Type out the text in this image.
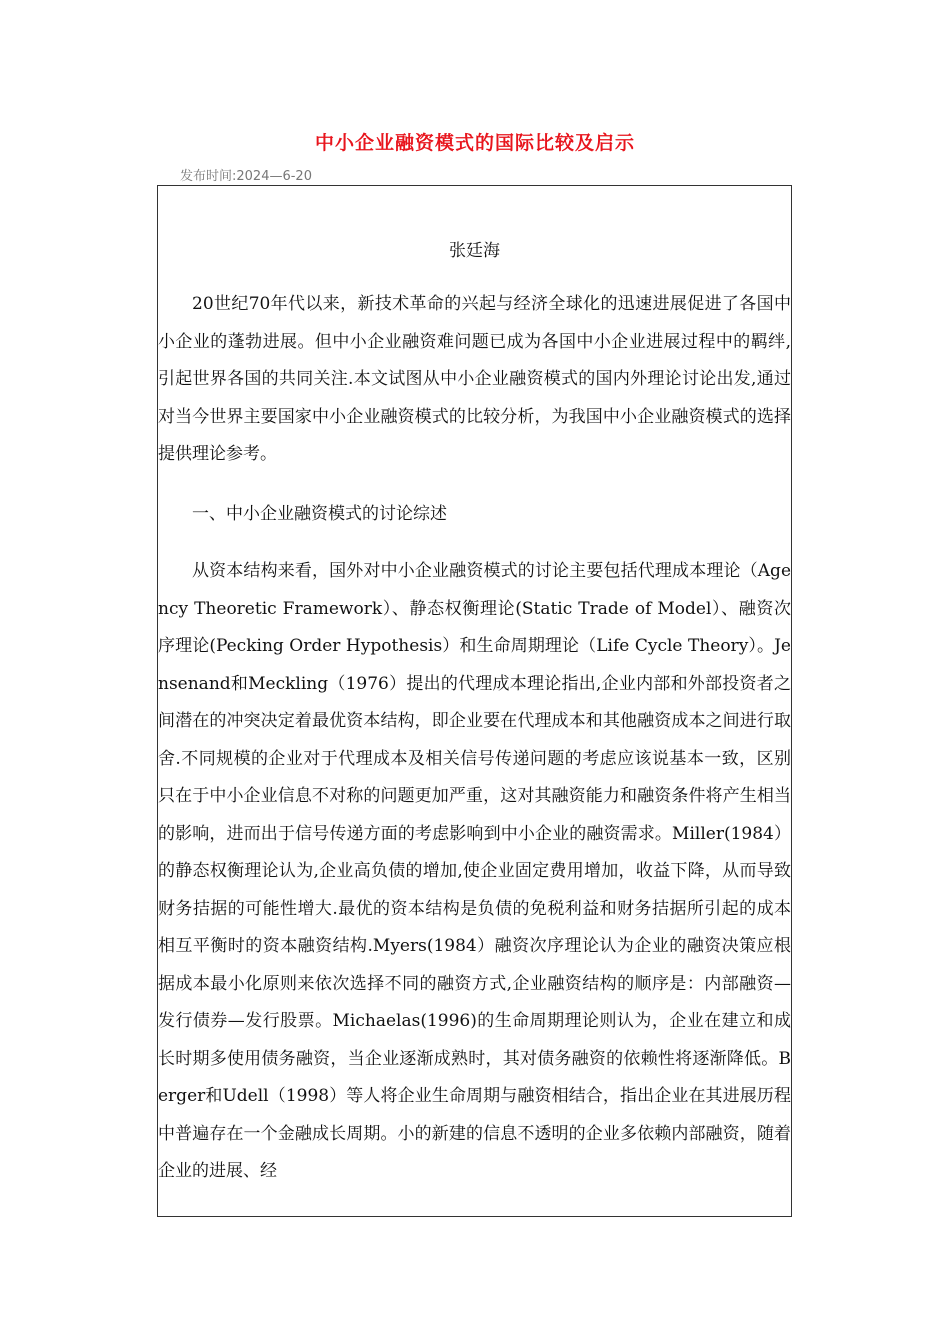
中小企业融资模式的国际比较及启示
发布时间:2024—6-20
张廷海

20世纪70年代以来，新技术革命的兴起与经济全球化的迅速进展促进了各国中小企业的蓬勃进展。但中小企业融资难问题已成为各国中小企业进展过程中的羁绊,引起世界各国的共同关注.本文试图从中小企业融资模式的国内外理论讨论出发,通过对当今世界主要国家中小企业融资模式的比较分析，为我国中小企业融资模式的选择提供理论参考。

一、中小企业融资模式的讨论综述

从资本结构来看，国外对中小企业融资模式的讨论主要包括代理成本理论（Agency Theoretic Framework）、静态权衡理论(Static Trade of Model）、融资次序理论(Pecking Order Hypothesis）和生命周期理论（Life Cycle Theory）。Jensenand和Meckling（1976）提出的代理成本理论指出,企业内部和外部投资者之间潜在的冲突决定着最优资本结构，即企业要在代理成本和其他融资成本之间进行取舍.不同规模的企业对于代理成本及相关信号传递问题的考虑应该说基本一致，区别只在于中小企业信息不对称的问题更加严重，这对其融资能力和融资条件将产生相当的影响，进而出于信号传递方面的考虑影响到中小企业的融资需求。Miller(1984）的静态权衡理论认为,企业高负债的增加,使企业固定费用增加，收益下降，从而导致财务拮据的可能性增大.最优的资本结构是负债的免税利益和财务拮据所引起的成本相互平衡时的资本融资结构.Myers(1984）融资次序理论认为企业的融资决策应根据成本最小化原则来依次选择不同的融资方式,企业融资结构的顺序是：内部融资—发行债券—发行股票。Michaelas(1996)的生命周期理论则认为，企业在建立和成长时期多使用债务融资，当企业逐渐成熟时，其对债务融资的依赖性将逐渐降低。Berger和Udell（1998）等人将企业生命周期与融资相结合，指出企业在其进展历程中普遍存在一个金融成长周期。小的新建的信息不透明的企业多依赖内部融资，随着企业的进展、经
